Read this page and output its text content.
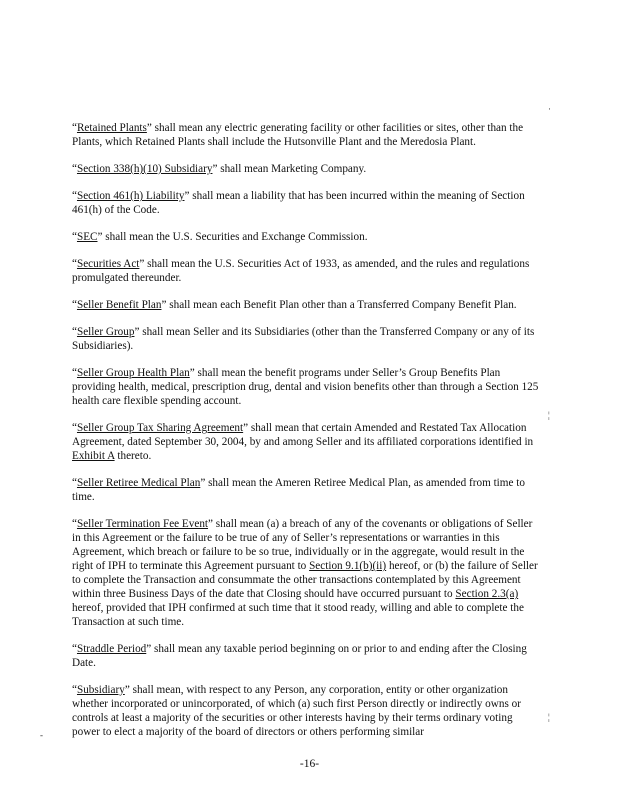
“Retained Plants” shall mean any electric generating facility or other facilities or sites, other than the Plants, which Retained Plants shall include the Hutsonville Plant and the Meredosia Plant.

“Section 338(h)(10) Subsidiary” shall mean Marketing Company.

“Section 461(h) Liability” shall mean a liability that has been incurred within the meaning of Section 461(h) of the Code.

“SEC” shall mean the U.S. Securities and Exchange Commission.

“Securities Act” shall mean the U.S. Securities Act of 1933, as amended, and the rules and regulations promulgated thereunder.

“Seller Benefit Plan” shall mean each Benefit Plan other than a Transferred Company Benefit Plan.

“Seller Group” shall mean Seller and its Subsidiaries (other than the Transferred Company or any of its Subsidiaries).

“Seller Group Health Plan” shall mean the benefit programs under Seller’s Group Benefits Plan providing health, medical, prescription drug, dental and vision benefits other than through a Section 125 health care flexible spending account.

“Seller Group Tax Sharing Agreement” shall mean that certain Amended and Restated Tax Allocation Agreement, dated September 30, 2004, by and among Seller and its affiliated corporations identified in Exhibit A thereto.

“Seller Retiree Medical Plan” shall mean the Ameren Retiree Medical Plan, as amended from time to time.

“Seller Termination Fee Event” shall mean (a) a breach of any of the covenants or obligations of Seller in this Agreement or the failure to be true of any of Seller’s representations or warranties in this Agreement, which breach or failure to be so true, individually or in the aggregate, would result in the right of IPH to terminate this Agreement pursuant to Section 9.1(b)(ii) hereof, or (b) the failure of Seller to complete the Transaction and consummate the other transactions contemplated by this Agreement within three Business Days of the date that Closing should have occurred pursuant to Section 2.3(a) hereof, provided that IPH confirmed at such time that it stood ready, willing and able to complete the Transaction at such time.

“Straddle Period” shall mean any taxable period beginning on or prior to and ending after the Closing Date.

“Subsidiary” shall mean, with respect to any Person, any corporation, entity or other organization whether incorporated or unincorporated, of which (a) such first Person directly or indirectly owns or controls at least a majority of the securities or other interests having by their terms ordinary voting power to elect a majority of the board of directors or others performing similar

·
¦
¦
-
-16-
